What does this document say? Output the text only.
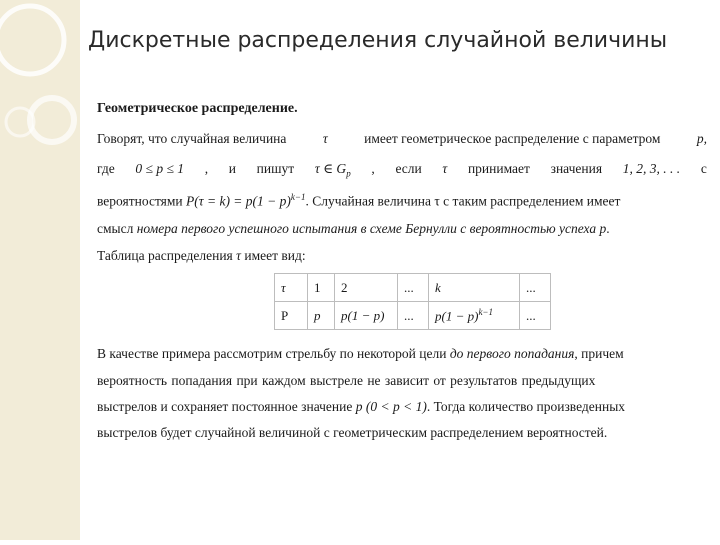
Дискретные распределения случайной величины
Геометрическое распределение.
Говорят, что случайная величина	τ	имеет геометрическое распределение с параметром	p,
где 0 ≤ p ≤ 1 , и пишут τ ∈ $G_p$ , если τ принимает значения 1, 2, 3, . . . с
вероятностями $P(\tau = k) = p(1 - p)^{k-1}$. Случайная величина τ с таким распределением имеет
смысл номера первого успешного испытания в схеме Бернулли с вероятностью успеха p.
Таблица распределения τ имеет вид:
τ	1	2	...	k	...
P	p	p(1 − p)	...	$p(1 - p)^{k-1}$	...
В качестве примера рассмотрим стрельбу по некоторой цели до первого попадания, причем
вероятность попадания при каждом выстреле не зависит от результатов предыдущих
выстрелов и сохраняет постоянное значение p (0 < p < 1). Тогда количество произведенных
выстрелов будет случайной величиной с геометрическим распределением вероятностей.
